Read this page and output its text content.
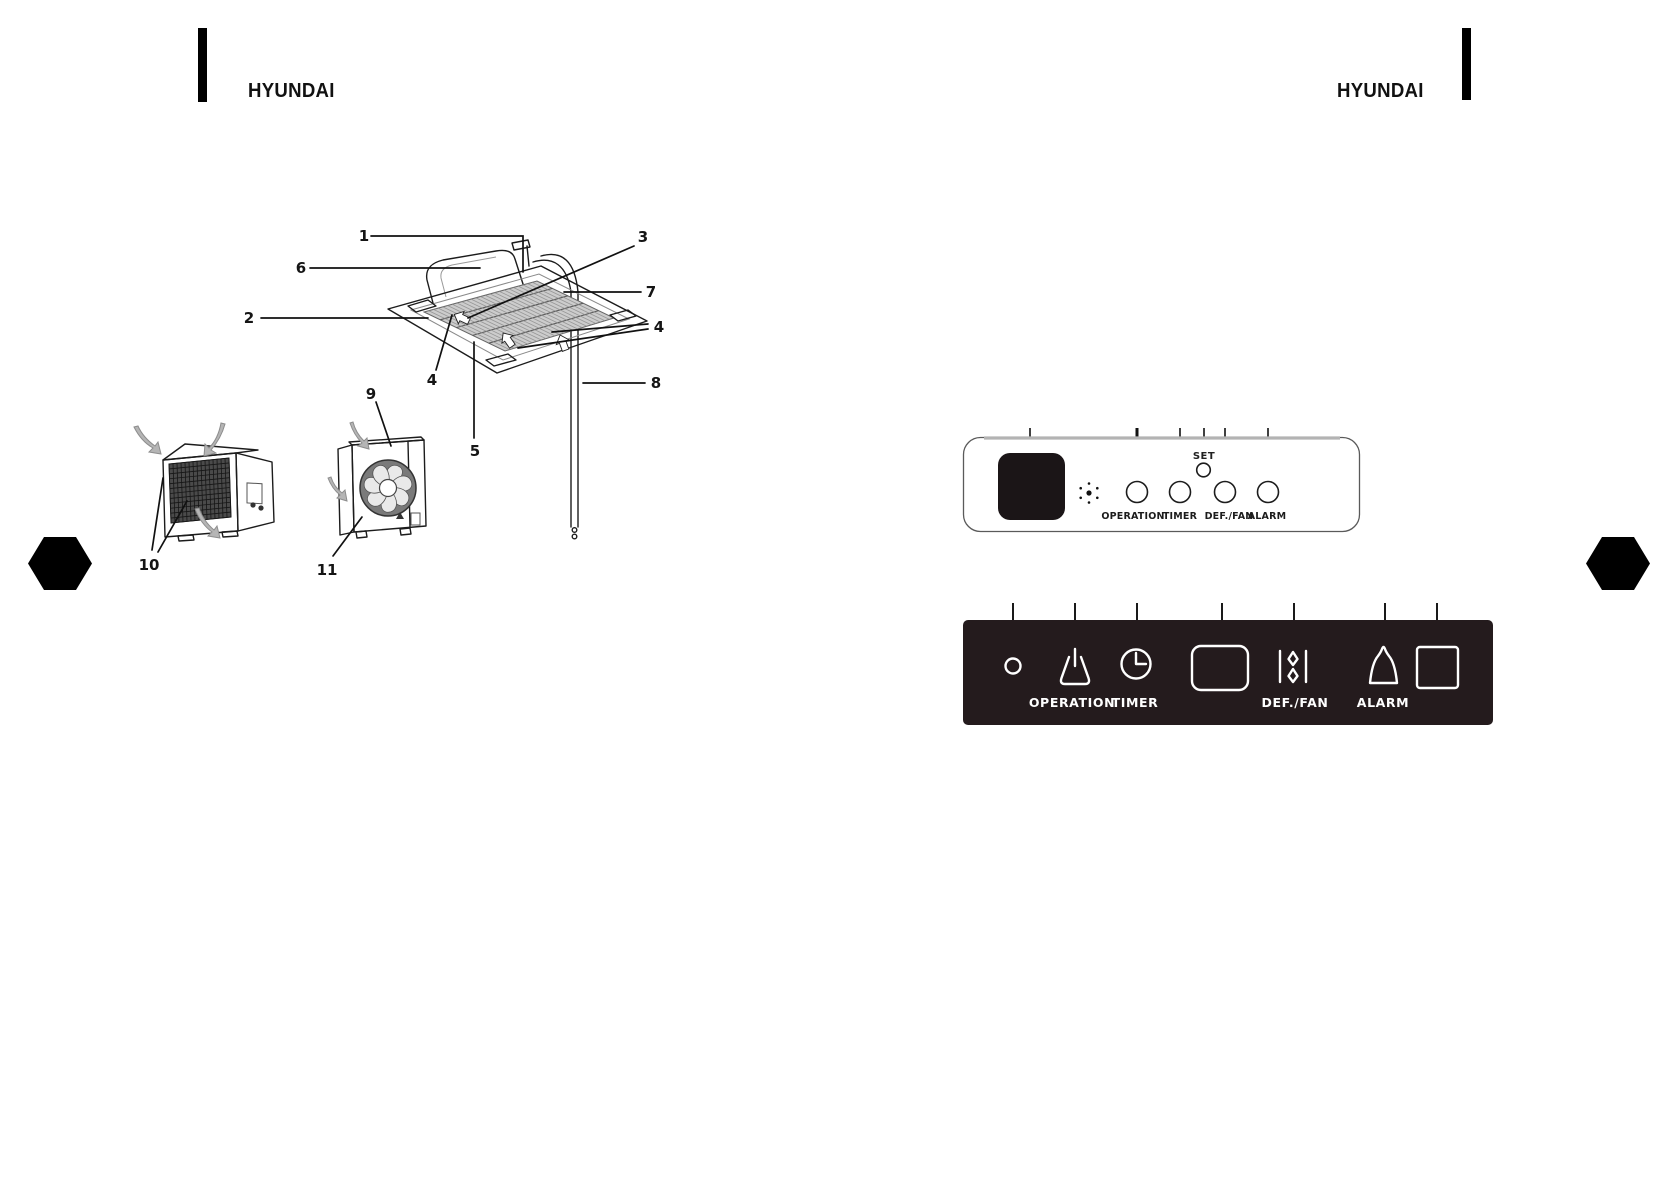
HYUNDAI	HYUNDAI
1
6
2
3
7
4
8
4
5
9
10	11
SET
OPERATION
TIMER DEF./FAN
ALARM
OPERATION
TIMER	DEF./FAN ALARM
